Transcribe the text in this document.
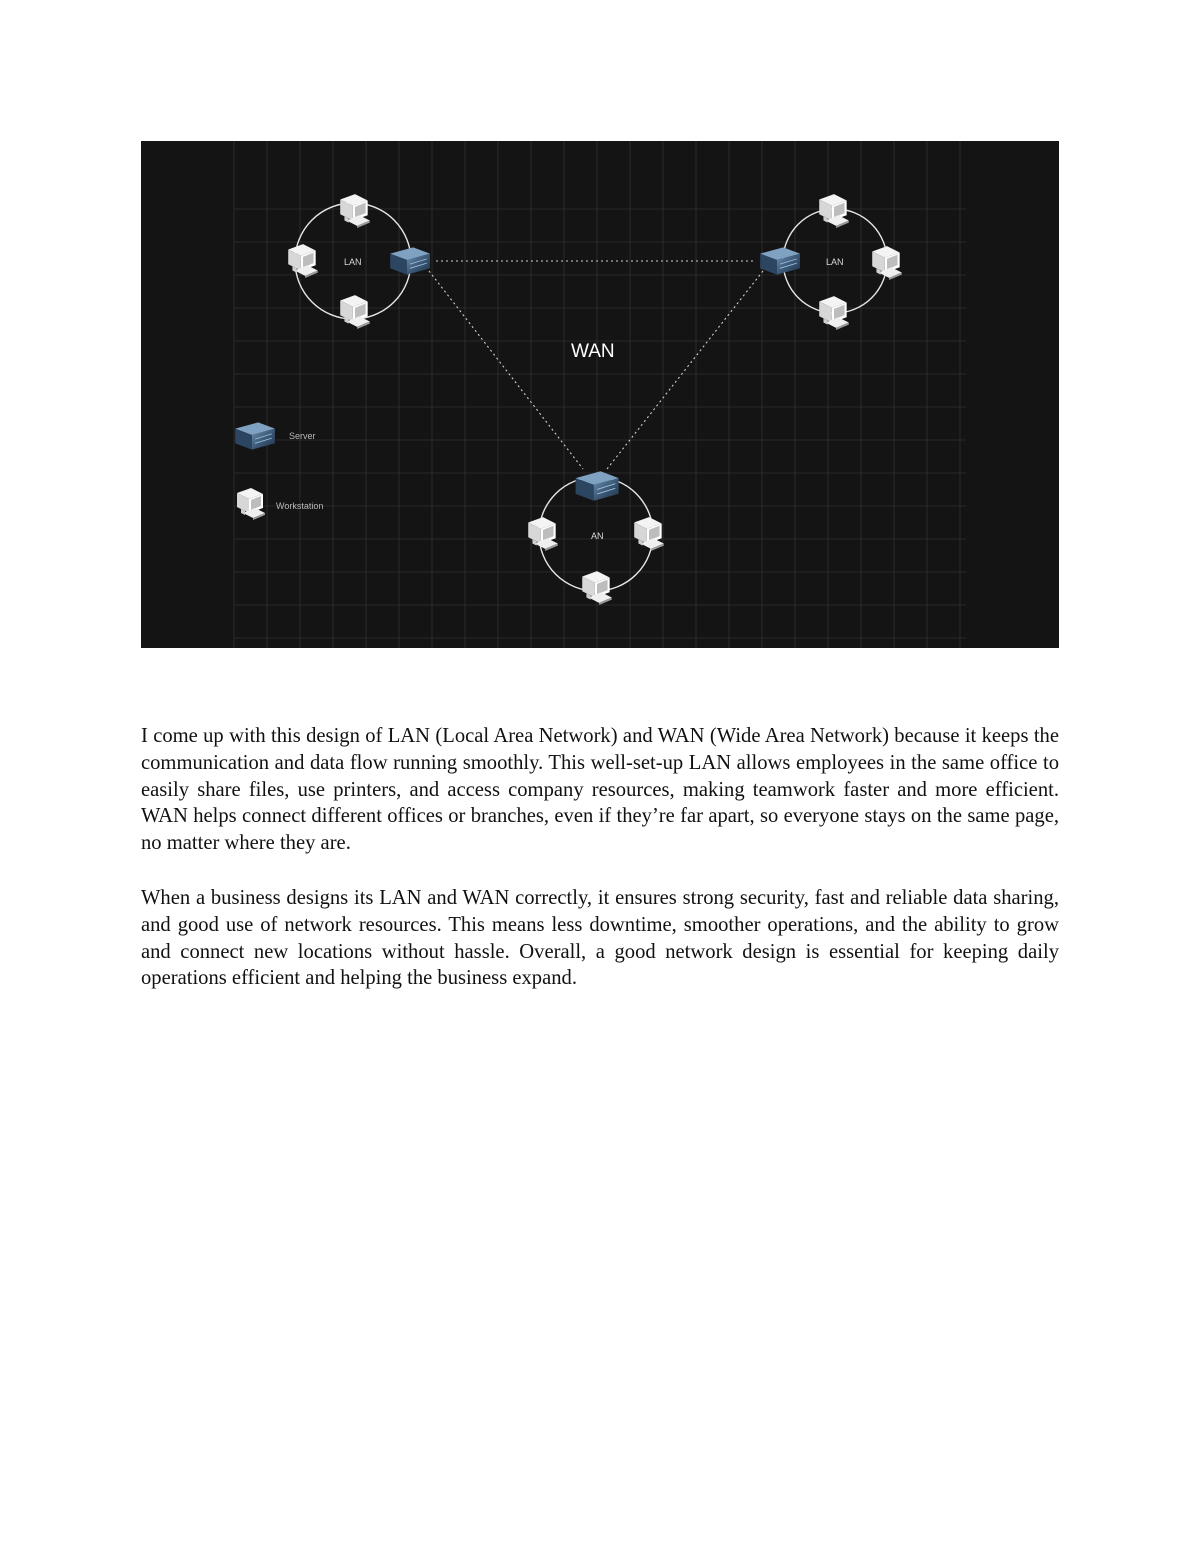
LAN	LAN
AN
WAN
Server
Workstation

I come up with this design of LAN (Local Area Network) and WAN (Wide Area Network) because it keeps the communication and data flow running smoothly. This well-set-up LAN allows employees in the same office to easily share files, use printers, and access company resources, making teamwork faster and more efficient. WAN helps connect different offices or branches, even if they’re far apart, so everyone stays on the same page, no matter where they are.

When a business designs its LAN and WAN correctly, it ensures strong security, fast and reliable data sharing, and good use of network resources. This means less downtime, smoother operations, and the ability to grow and connect new locations without hassle. Overall, a good network design is essential for keeping daily operations efficient and helping the business expand.
